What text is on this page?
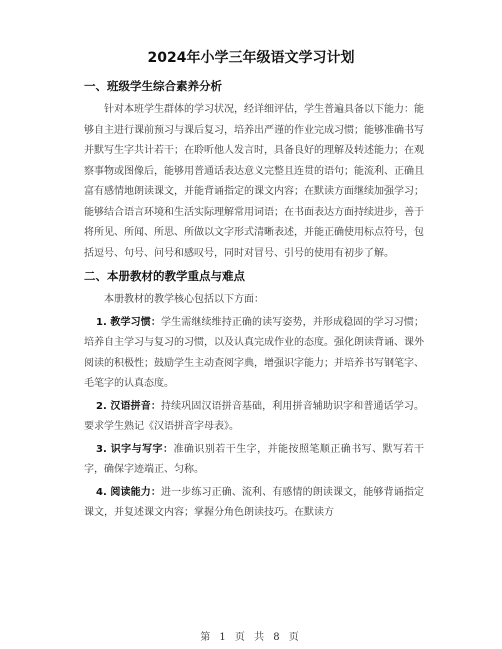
2024年小学三年级语文学习计划
一、班级学生综合素养分析

针对本班学生群体的学习状况，经详细评估，学生普遍具备以下能力：能够自主进行课前预习与课后复习，培养出严谨的作业完成习惯；能够准确书写并默写生字共计若干；在聆听他人发言时，具备良好的理解及转述能力；在观察事物或图像后，能够用普通话表达意义完整且连贯的语句；能流利、正确且富有感情地朗读课文，并能背诵指定的课文内容；在默读方面继续加强学习；能够结合语言环境和生活实际理解常用词语；在书面表达方面持续进步，善于将所见、所闻、所思、所做以文字形式清晰表述，并能正确使用标点符号，包括逗号、句号、问号和感叹号，同时对冒号、引号的使用有初步了解。

二、本册教材的教学重点与难点

本册教材的教学核心包括以下方面：

1. 教学习惯：学生需继续维持正确的读写姿势，并形成稳固的学习习惯；培养自主学习与复习的习惯，以及认真完成作业的态度。强化朗读背诵、课外阅读的积极性；鼓励学生主动查阅字典，增强识字能力；并培养书写钢笔字、毛笔字的认真态度。

2. 汉语拼音：持续巩固汉语拼音基础，利用拼音辅助识字和普通话学习。要求学生熟记《汉语拼音字母表》。

3. 识字与写字：准确识别若干生字，并能按照笔顺正确书写、默写若干字，确保字迹端正、匀称。

4. 阅读能力：进一步练习正确、流利、有感情的朗读课文，能够背诵指定课文，并复述课文内容；掌握分角色朗读技巧。在默读方

第 1 页 共 8 页
